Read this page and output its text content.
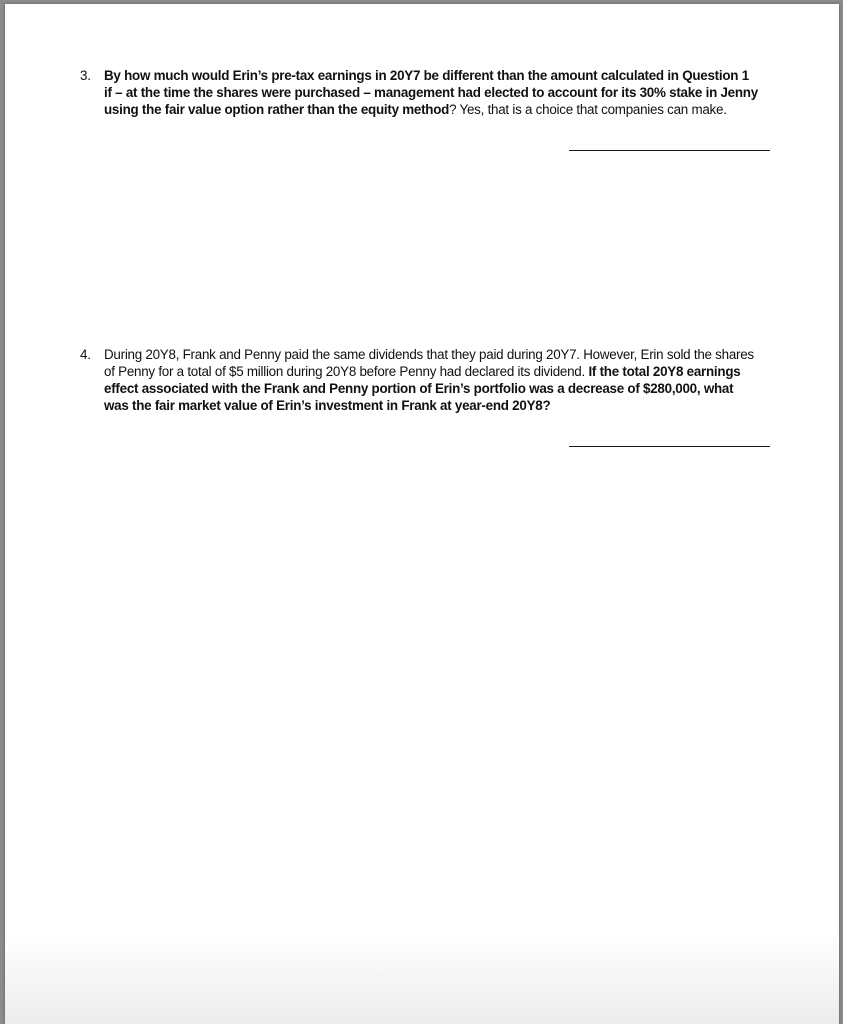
3. By how much would Erin’s pre-tax earnings in 20Y7 be different than the amount calculated in Question 1 if – at the time the shares were purchased – management had elected to account for its 30% stake in Jenny using the fair value option rather than the equity method? Yes, that is a choice that companies can make.
4. During 20Y8, Frank and Penny paid the same dividends that they paid during 20Y7. However, Erin sold the shares of Penny for a total of $5 million during 20Y8 before Penny had declared its dividend. If the total 20Y8 earnings effect associated with the Frank and Penny portion of Erin’s portfolio was a decrease of $280,000, what was the fair market value of Erin’s investment in Frank at year-end 20Y8?
